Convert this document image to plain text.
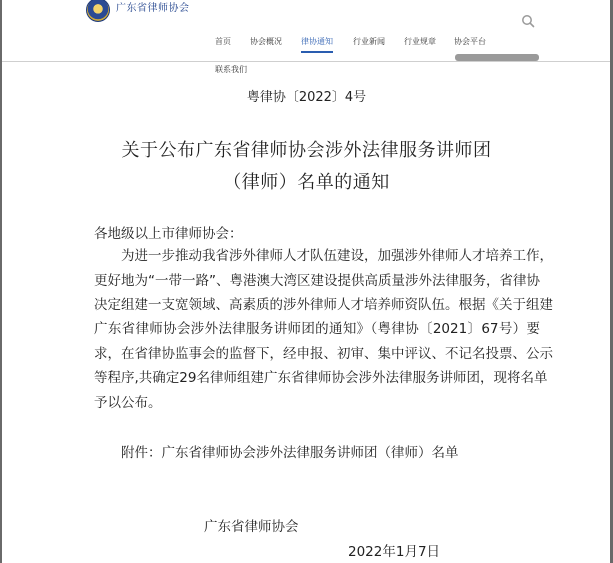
广东省律师协会
首页 协会概况 律协通知	行业新闻 行业规章 协会平台
联系我们
粤律协〔2022〕4号
关于公布广东省律师协会涉外法律服务讲师团
（律师）名单的通知
各地级以上市律师协会：
为进一步推动我省涉外律师人才队伍建设，加强涉外律师人才培养工作，
更好地为“一带一路”、粤港澳大湾区建设提供高质量涉外法律服务，省律协
决定组建一支宽领域、高素质的涉外律师人才培养师资队伍。根据《关于组建
广东省律师协会涉外法律服务讲师团的通知》（粤律协〔2021〕67号）要
求，在省律协监事会的监督下，经申报、初审、集中评议、不记名投票、公示
等程序,共确定29名律师组建广东省律师协会涉外法律服务讲师团，现将名单
予以公布。
附件：广东省律师协会涉外法律服务讲师团（律师）名单
广东省律师协会
2022年1月7日
